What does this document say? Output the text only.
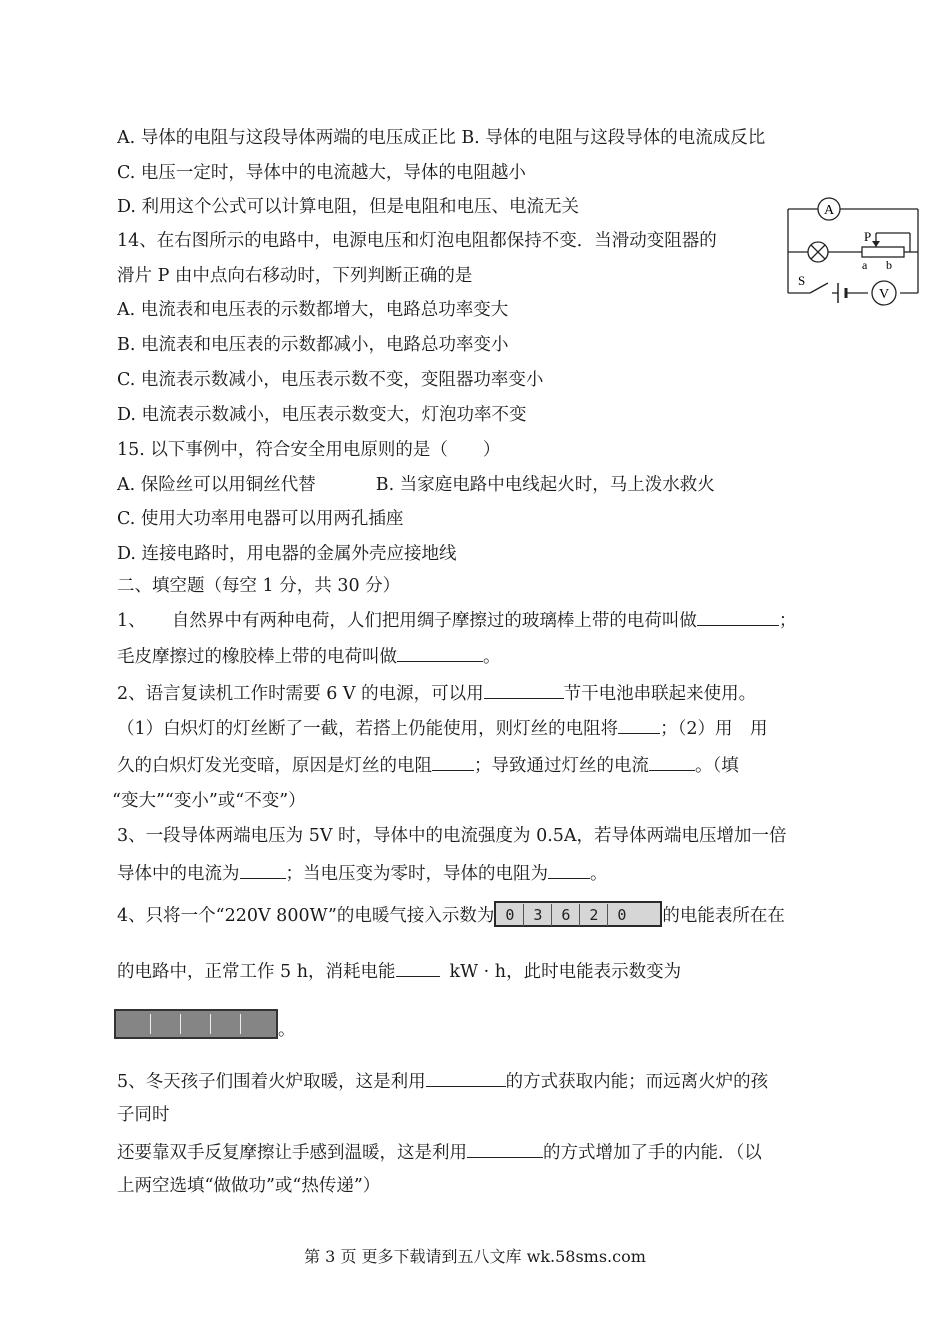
A. 导体的电阻与这段导体两端的电压成正比 B. 导体的电阻与这段导体的电流成反比
C. 电压一定时，导体中的电流越大，导体的电阻越小
D. 利用这个公式可以计算电阻，但是电阻和电压、电流无关
14、在右图所示的电路中，电源电压和灯泡电阻都保持不变．当滑动变阻器的
滑片 P 由中点向右移动时，下列判断正确的是
A. 电流表和电压表的示数都增大，电路总功率变大
B. 电流表和电压表的示数都减小，电路总功率变小
C. 电流表示数减小，电压表示数不变，变阻器功率变小
D. 电流表示数减小，电压表示数变大，灯泡功率不变
A
P
a b
S
V
15. 以下事例中，符合安全用电原则的是（　　）
A. 保险丝可以用铜丝代替	B. 当家庭电路中电线起火时，马上泼水救火
C. 使用大功率用电器可以用两孔插座
D. 连接电路时，用电器的金属外壳应接地线
二、填空题（每空 1 分，共 30 分）
1、　　自然界中有两种电荷，人们把用绸子摩擦过的玻璃棒上带的电荷叫做	；
毛皮摩擦过的橡胶棒上带的电荷叫做	。
2、语言复读机工作时需要 6 V 的电源，可以用	节干电池串联起来使用。
（1）白炽灯的灯丝断了一截，若搭上仍能使用，则灯丝的电阻将 ；（2）用　用
久的白炽灯发光变暗，原因是灯丝的电阻 ；导致通过灯丝的电流	。（填
“变大”“变小”或“不变”）
3、一段导体两端电压为 5V 时，导体中的电流强度为 0.5A，若导体两端电压增加一倍
导体中的电流为	；当电压变为零时，导体的电阻为 。
4、只将一个“220V 800W”的电暖气接入示数为 0 3 6 2 0 的电能表所在在
的电路中，正常工作 5 h，消耗电能	kW · h，此时电能表示数变为
。
5、冬天孩子们围着火炉取暖，这是利用	的方式获取内能；而远离火炉的孩
子同时
还要靠双手反复摩擦让手感到温暖，这是利用	的方式增加了手的内能．（以
上两空选填“做做功”或“热传递”）
第 3 页 更多下载请到五八文库 wk.58sms.com
